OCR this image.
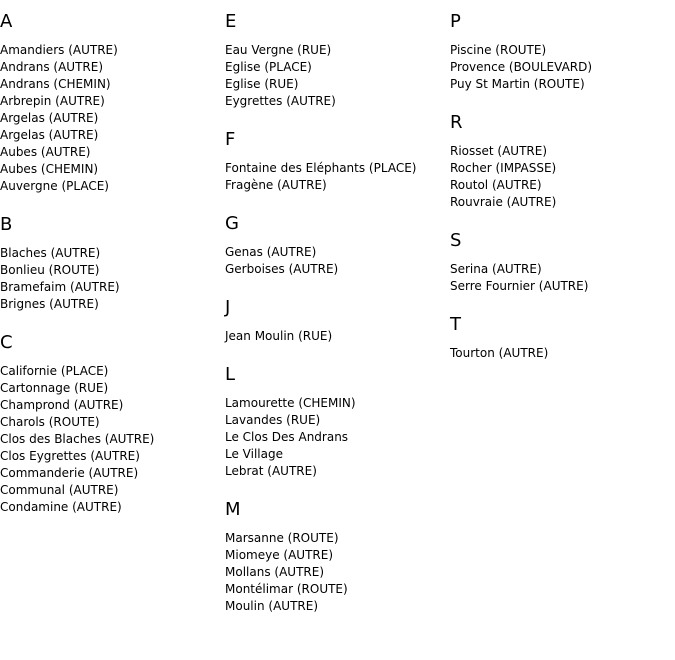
A
Amandiers (AUTRE)
Andrans (AUTRE)
Andrans (CHEMIN)
Arbrepin (AUTRE)
Argelas (AUTRE)
Argelas (AUTRE)
Aubes (AUTRE)
Aubes (CHEMIN)
Auvergne (PLACE)
B
Blaches (AUTRE)
Bonlieu (ROUTE)
Bramefaim (AUTRE)
Brignes (AUTRE)
C
Californie (PLACE)
Cartonnage (RUE)
Champrond (AUTRE)
Charols (ROUTE)
Clos des Blaches (AUTRE)
Clos Eygrettes (AUTRE)
Commanderie (AUTRE)
Communal (AUTRE)
Condamine (AUTRE)
E
Eau Vergne (RUE)
Eglise (PLACE)
Eglise (RUE)
Eygrettes (AUTRE)
F
Fontaine des Eléphants (PLACE)
Fragène (AUTRE)
G
Genas (AUTRE)
Gerboises (AUTRE)
J
Jean Moulin (RUE)
L
Lamourette (CHEMIN)
Lavandes (RUE)
Le Clos Des Andrans
Le Village
Lebrat (AUTRE)
M
Marsanne (ROUTE)
Miomeye (AUTRE)
Mollans (AUTRE)
Montélimar (ROUTE)
Moulin (AUTRE)
P
Piscine (ROUTE)
Provence (BOULEVARD)
Puy St Martin (ROUTE)
R
Riosset (AUTRE)
Rocher (IMPASSE)
Routol (AUTRE)
Rouvraie (AUTRE)
S
Serina (AUTRE)
Serre Fournier (AUTRE)
T
Tourton (AUTRE)
